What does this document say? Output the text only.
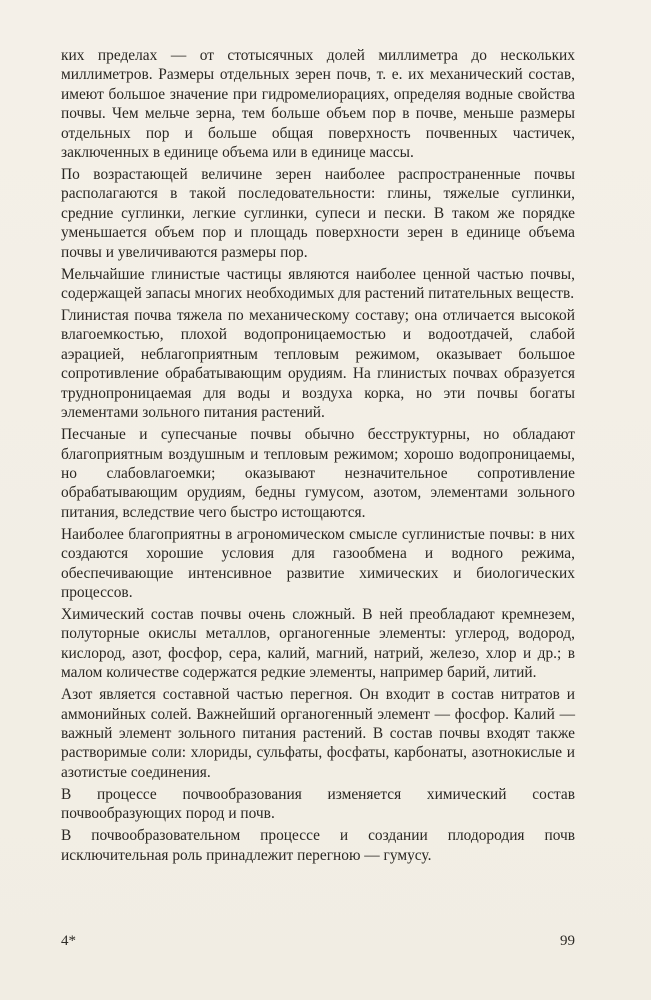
ких пределах — от стотысячных долей миллиметра до нескольких миллиметров. Размеры отдельных зерен почв, т. е. их механический состав, имеют большое значение при гидромелиорациях, определяя водные свойства почвы. Чем мельче зерна, тем больше объем пор в почве, меньше размеры отдельных пор и больше общая поверхность почвенных частичек, заключенных в единице объема или в единице массы.

По возрастающей величине зерен наиболее распространенные почвы располагаются в такой последовательности: глины, тяжелые суглинки, средние суглинки, легкие суглинки, супеси и пески. В таком же порядке уменьшается объем пор и площадь поверхности зерен в единице объема почвы и увеличиваются размеры пор.

Мельчайшие глинистые частицы являются наиболее ценной частью почвы, содержащей запасы многих необходимых для растений питательных веществ.

Глинистая почва тяжела по механическому составу; она отличается высокой влагоемкостью, плохой водопроницаемостью и водоотдачей, слабой аэрацией, неблагоприятным тепловым режимом, оказывает большое сопротивление обрабатывающим орудиям. На глинистых почвах образуется труднопроницаемая для воды и воздуха корка, но эти почвы богаты элементами зольного питания растений.

Песчаные и супесчаные почвы обычно бесструктурны, но обладают благоприятным воздушным и тепловым режимом; хорошо водопроницаемы, но слабовлагоемки; оказывают незначительное сопротивление обрабатывающим орудиям, бедны гумусом, азотом, элементами зольного питания, вследствие чего быстро истощаются.

Наиболее благоприятны в агрономическом смысле суглинистые почвы: в них создаются хорошие условия для газообмена и водного режима, обеспечивающие интенсивное развитие химических и биологических процессов.

Химический состав почвы очень сложный. В ней преобладают кремнезем, полуторные окислы металлов, органогенные элементы: углерод, водород, кислород, азот, фосфор, сера, калий, магний, натрий, железо, хлор и др.; в малом количестве содержатся редкие элементы, например барий, литий.

Азот является составной частью перегноя. Он входит в состав нитратов и аммонийных солей. Важнейший органогенный элемент — фосфор. Калий — важный элемент зольного питания растений. В состав почвы входят также растворимые соли: хлориды, сульфаты, фосфаты, карбонаты, азотнокислые и азотистые соединения.

В процессе почвообразования изменяется химический состав почвообразующих пород и почв.

В почвообразовательном процессе и создании плодородия почв исключительная роль принадлежит перегною — гумусу.

4*	99
